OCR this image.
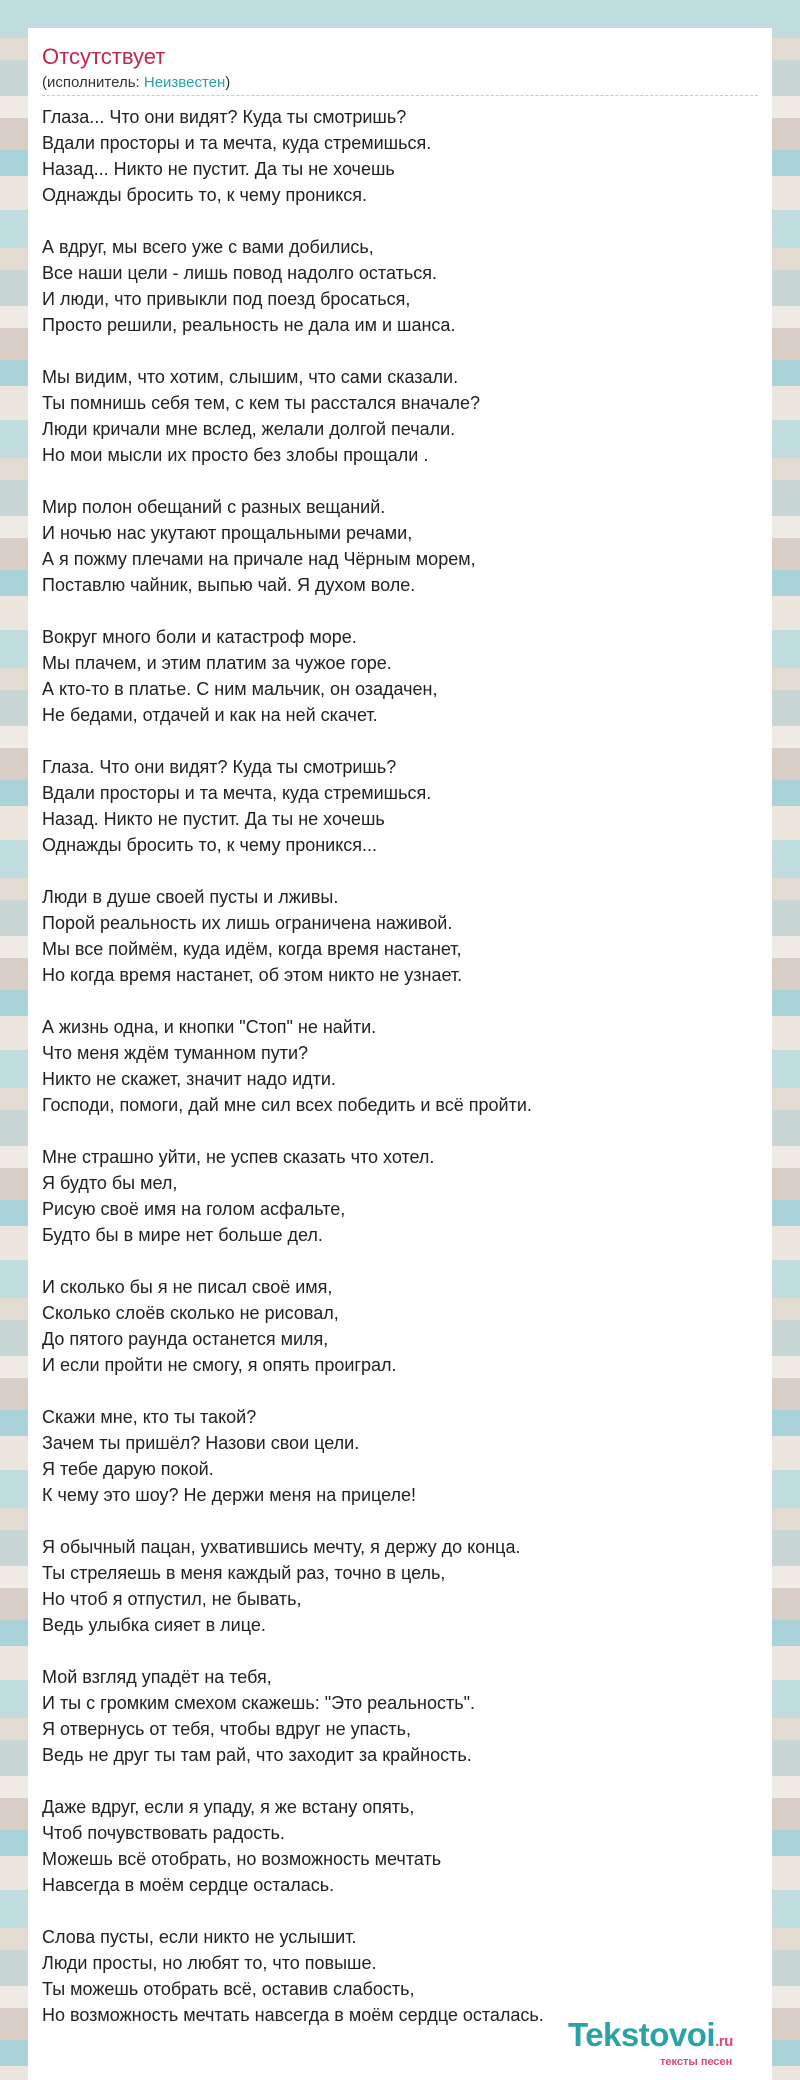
Отсутствует
(исполнитель: Неизвестен)
Глаза... Что они видят? Куда ты смотришь?
Вдали просторы и та мечта, куда стремишься.
Назад... Никто не пустит. Да ты не хочешь
Однажды бросить то, к чему проникся.
А вдруг, мы всего уже с вами добились,
Все наши цели - лишь повод надолго остаться.
И люди, что привыкли под поезд бросаться,
Просто решили, реальность не дала им и шанса.
Мы видим, что хотим, слышим, что сами сказали.
Ты помнишь себя тем, с кем ты расстался вначале?
Люди кричали мне вслед, желали долгой печали.
Но мои мысли их просто без злобы прощали .
Мир полон обещаний с разных вещаний.
И ночью нас укутают прощальными речами,
А я пожму плечами на причале над Чёрным морем,
Поставлю чайник, выпью чай. Я духом воле.
Вокруг много боли и катастроф море.
Мы плачем, и этим платим за чужое горе.
А кто-то в платье. С ним мальчик, он озадачен,
Не бедами, отдачей и как на ней скачет.
Глаза. Что они видят? Куда ты смотришь?
Вдали просторы и та мечта, куда стремишься.
Назад. Никто не пустит. Да ты не хочешь
Однажды бросить то, к чему проникся...
Люди в душе своей пусты и лживы.
Порой реальность их лишь ограничена наживой.
Мы все поймём, куда идём, когда время настанет,
Но когда время настанет, об этом никто не узнает.
А жизнь одна, и кнопки "Стоп" не найти.
Что меня ждём туманном пути?
Никто не скажет, значит надо идти.
Господи, помоги, дай мне сил всех победить и всё пройти.
Мне страшно уйти, не успев сказать что хотел.
Я будто бы мел,
Рисую своё имя на голом асфальте,
Будто бы в мире нет больше дел.
И сколько бы я не писал своё имя,
Сколько слоёв сколько не рисовал,
До пятого раунда останется миля,
И если пройти не смогу, я опять проиграл.
Скажи мне, кто ты такой?
Зачем ты пришёл? Назови свои цели.
Я тебе дарую покой.
К чему это шоу? Не держи меня на прицеле!
Я обычный пацан, ухватившись мечту, я держу до конца.
Ты стреляешь в меня каждый раз, точно в цель,
Но чтоб я отпустил, не бывать,
Ведь улыбка сияет в лице.
Мой взгляд упадёт на тебя,
И ты с громким смехом скажешь: "Это реальность".
Я отвернусь от тебя, чтобы вдруг не упасть,
Ведь не друг ты там рай, что заходит за крайность.
Даже вдруг, если я упаду, я же встану опять,
Чтоб почувствовать радость.
Можешь всё отобрать, но возможность мечтать
Навсегда в моём сердце осталась.
Слова пусты, если никто не услышит.
Люди просты, но любят то, что повыше.
Ты можешь отобрать всё, оставив слабость,
Но возможность мечтать навсегда в моём сердце осталась.
Tekstovoi.ru
тексты песен
